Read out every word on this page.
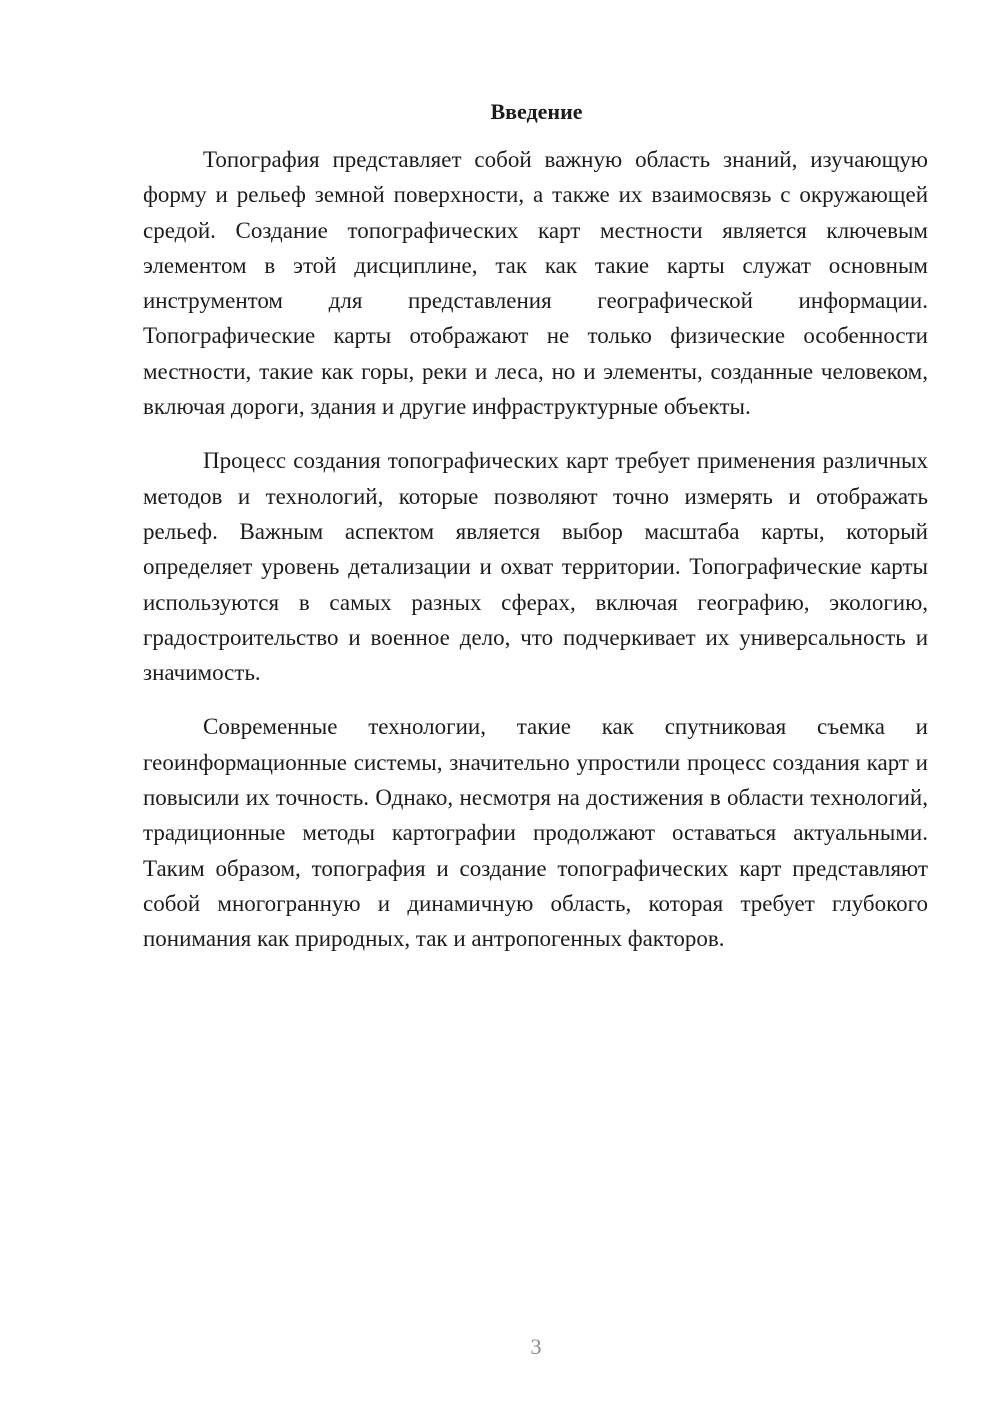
Введение

Топография представляет собой важную область знаний, изучающую форму и рельеф земной поверхности, а также их взаимосвязь с окружающей средой. Создание топографических карт местности является ключевым элементом в этой дисциплине, так как такие карты служат основным инструментом для представления географической информации. Топографические карты отображают не только физические особенности местности, такие как горы, реки и леса, но и элементы, созданные человеком, включая дороги, здания и другие инфраструктурные объекты.

Процесс создания топографических карт требует применения различных методов и технологий, которые позволяют точно измерять и отображать рельеф. Важным аспектом является выбор масштаба карты, который определяет уровень детализации и охват территории. Топографические карты используются в самых разных сферах, включая географию, экологию, градостроительство и военное дело, что подчеркивает их универсальность и значимость.

Современные технологии, такие как спутниковая съемка и геоинформационные системы, значительно упростили процесс создания карт и повысили их точность. Однако, несмотря на достижения в области технологий, традиционные методы картографии продолжают оставаться актуальными. Таким образом, топография и создание топографических карт представляют собой многогранную и динамичную область, которая требует глубокого понимания как природных, так и антропогенных факторов.

3
